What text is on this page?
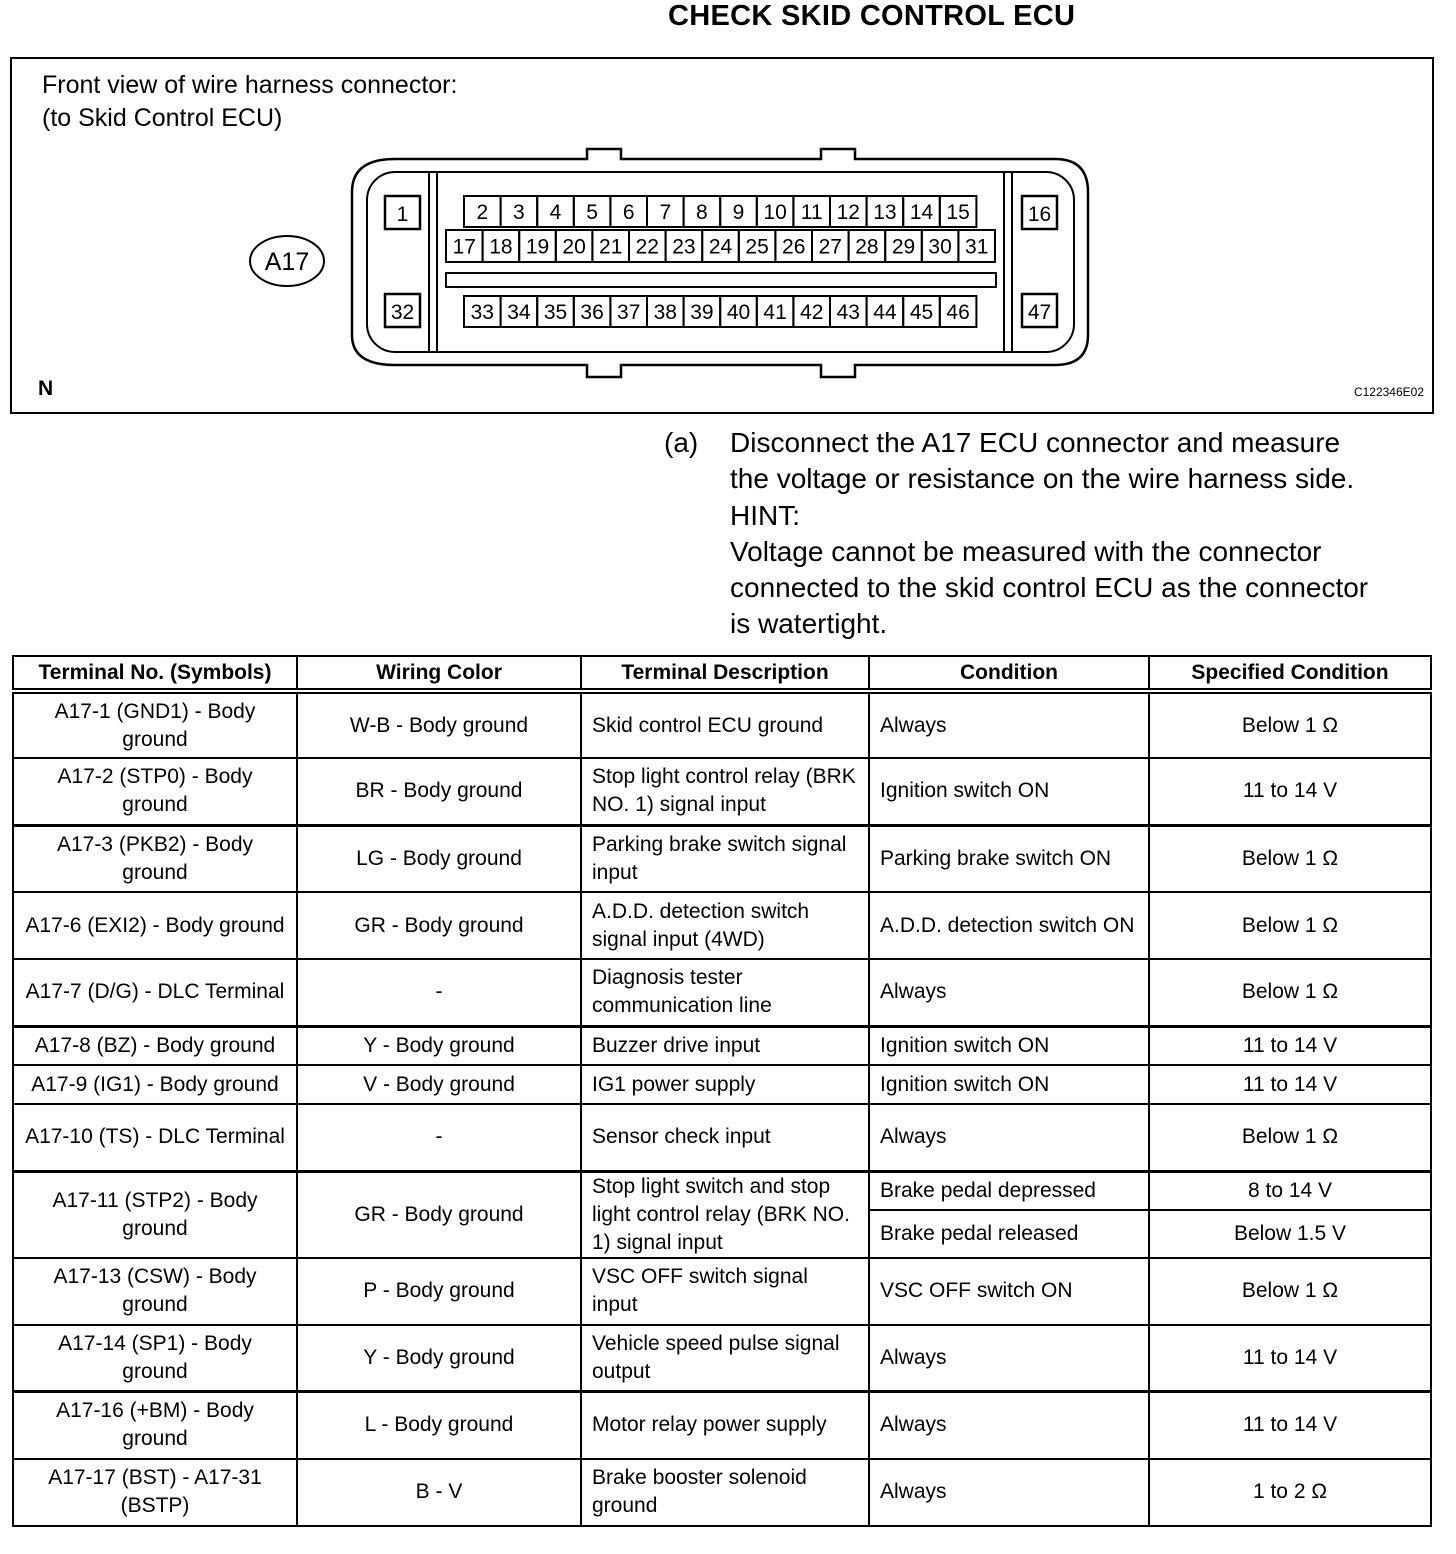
CHECK SKID CONTROL ECU
Front view of wire harness connector:
(to Skid Control ECU)
A17
1	16
32	47
2 3 4 5 6 7 8 9 10 11 12 13 14 15
17 18 19 20 21 22 23 24 25 26 27 28 29 30 31
33 34 35 36 37 38 39 40 41 42 43 44 45 46
N	C122346E02
(a) Disconnect the A17 ECU connector and measure
the voltage or resistance on the wire harness side.
HINT:
Voltage cannot be measured with the connector
connected to the skid control ECU as the connector
is watertight.
Terminal No. (Symbols)	Wiring Color	Terminal Description	Condition	Specified Condition
A17-1 (GND1) - Body ground	W-B - Body ground	Skid control ECU ground	Always	Below 1 Ω
A17-2 (STP0) - Body ground	BR - Body ground	Stop light control relay (BRK NO. 1) signal input	Ignition switch ON	11 to 14 V
A17-3 (PKB2) - Body ground	LG - Body ground	Parking brake switch signal input	Parking brake switch ON	Below 1 Ω
A17-6 (EXI2) - Body ground	GR - Body ground	A.D.D. detection switch signal input (4WD)	A.D.D. detection switch ON	Below 1 Ω
A17-7 (D/G) - DLC Terminal	-	Diagnosis tester communication line	Always	Below 1 Ω
A17-8 (BZ) - Body ground	Y - Body ground	Buzzer drive input	Ignition switch ON	11 to 14 V
A17-9 (IG1) - Body ground	V - Body ground	IG1 power supply	Ignition switch ON	11 to 14 V
A17-10 (TS) - DLC Terminal	-	Sensor check input	Always	Below 1 Ω
A17-11 (STP2) - Body ground	GR - Body ground	Stop light switch and stop light control relay (BRK NO. 1) signal input	Brake pedal depressed	8 to 14 V
			Brake pedal released	Below 1.5 V
A17-13 (CSW) - Body ground	P - Body ground	VSC OFF switch signal input	VSC OFF switch ON	Below 1 Ω
A17-14 (SP1) - Body ground	Y - Body ground	Vehicle speed pulse signal output	Always	11 to 14 V
A17-16 (+BM) - Body ground	L - Body ground	Motor relay power supply	Always	11 to 14 V
A17-17 (BST) - A17-31 (BSTP)	B - V	Brake booster solenoid ground	Always	1 to 2 Ω
